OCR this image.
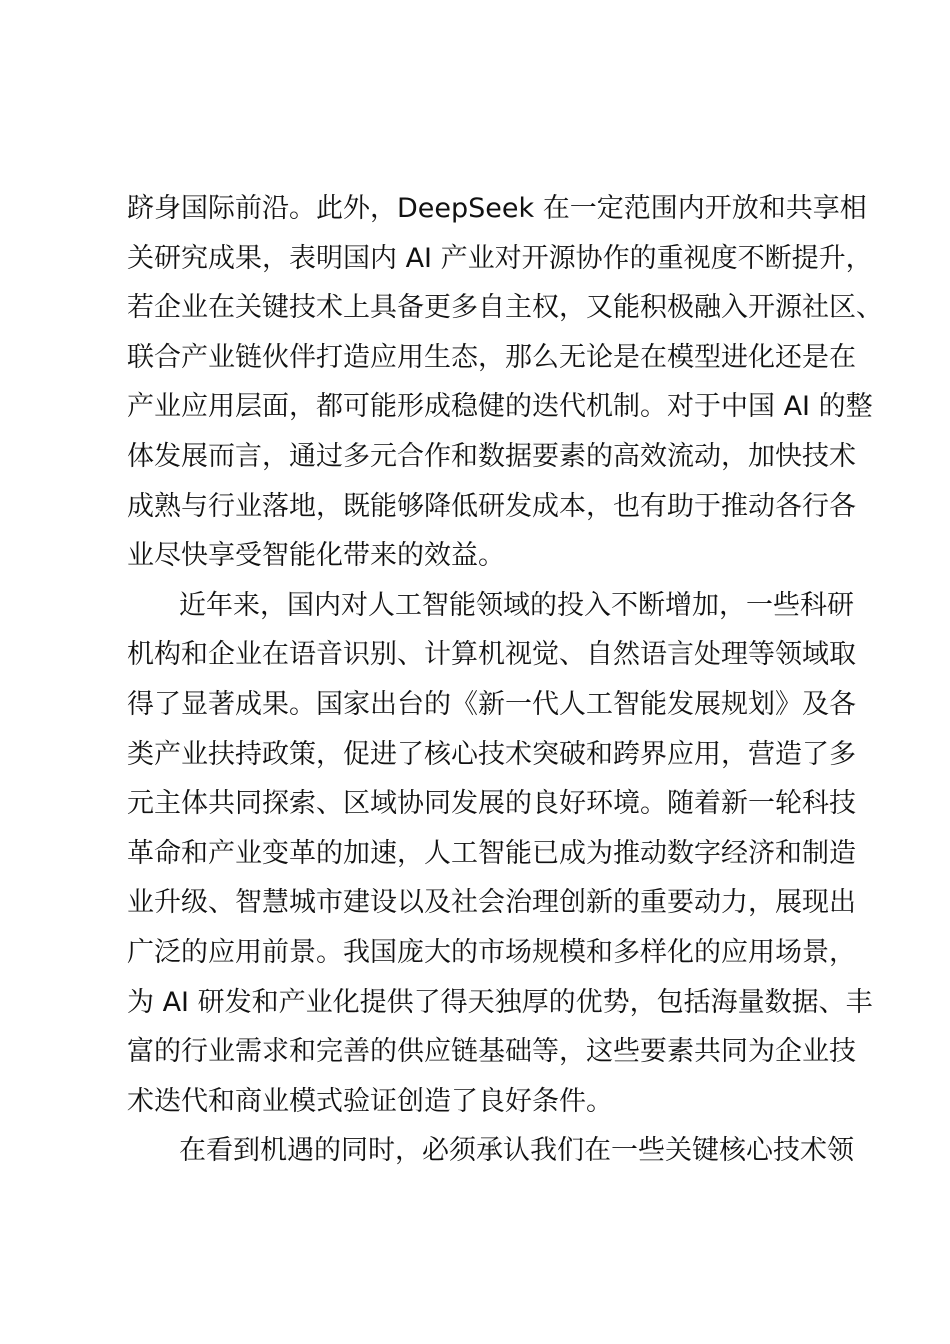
跻身国际前沿。此外，DeepSeek 在一定范围内开放和共享相
关研究成果，表明国内 AI 产业对开源协作的重视度不断提升，
若企业在关键技术上具备更多自主权，又能积极融入开源社区、
联合产业链伙伴打造应用生态，那么无论是在模型进化还是在
产业应用层面，都可能形成稳健的迭代机制。对于中国 AI 的整
体发展而言，通过多元合作和数据要素的高效流动，加快技术
成熟与行业落地，既能够降低研发成本，也有助于推动各行各
业尽快享受智能化带来的效益。
近年来，国内对人工智能领域的投入不断增加，一些科研
机构和企业在语音识别、计算机视觉、自然语言处理等领域取
得了显著成果。国家出台的《新一代人工智能发展规划》及各
类产业扶持政策，促进了核心技术突破和跨界应用，营造了多
元主体共同探索、区域协同发展的良好环境。随着新一轮科技
革命和产业变革的加速，人工智能已成为推动数字经济和制造
业升级、智慧城市建设以及社会治理创新的重要动力，展现出
广泛的应用前景。我国庞大的市场规模和多样化的应用场景，
为 AI 研发和产业化提供了得天独厚的优势，包括海量数据、丰
富的行业需求和完善的供应链基础等，这些要素共同为企业技
术迭代和商业模式验证创造了良好条件。
在看到机遇的同时，必须承认我们在一些关键核心技术领
